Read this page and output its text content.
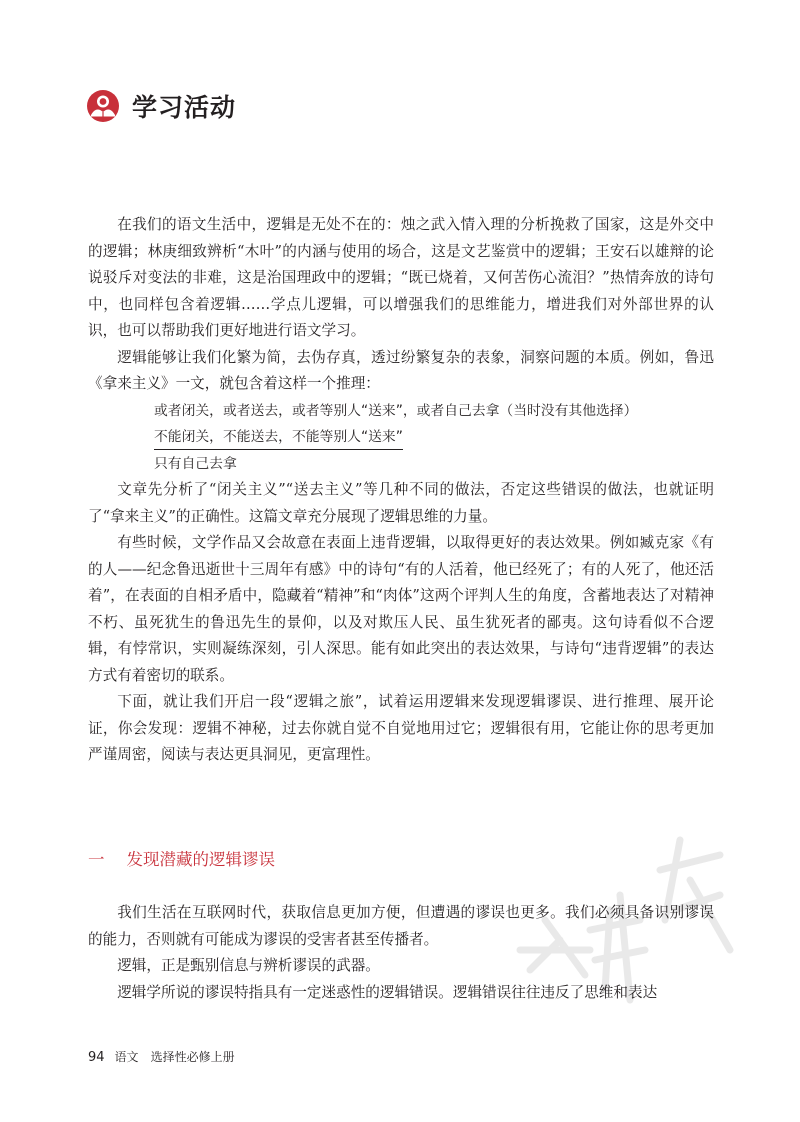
学习活动

在我们的语文生活中，逻辑是无处不在的：烛之武入情入理的分析挽救了国家，这是外交中的逻辑；林庚细致辨析“木叶”的内涵与使用的场合，这是文艺鉴赏中的逻辑；王安石以雄辩的论说驳斥对变法的非难，这是治国理政中的逻辑；“既已烧着，又何苦伤心流泪？”热情奔放的诗句中，也同样包含着逻辑……学点儿逻辑，可以增强我们的思维能力，增进我们对外部世界的认识，也可以帮助我们更好地进行语文学习。

逻辑能够让我们化繁为简，去伪存真，透过纷繁复杂的表象，洞察问题的本质。例如，鲁迅《拿来主义》一文，就包含着这样一个推理：

或者闭关，或者送去，或者等别人“送来”，或者自己去拿（当时没有其他选择）
不能闭关，不能送去，不能等别人“送来”
只有自己去拿

文章先分析了“闭关主义”“送去主义”等几种不同的做法，否定这些错误的做法，也就证明了“拿来主义”的正确性。这篇文章充分展现了逻辑思维的力量。

有些时候，文学作品又会故意在表面上违背逻辑，以取得更好的表达效果。例如臧克家《有的人——纪念鲁迅逝世十三周年有感》中的诗句“有的人活着，他已经死了；有的人死了，他还活着”，在表面的自相矛盾中，隐藏着“精神”和“肉体”这两个评判人生的角度，含蓄地表达了对精神不朽、虽死犹生的鲁迅先生的景仰，以及对欺压人民、虽生犹死者的鄙夷。这句诗看似不合逻辑，有悖常识，实则凝练深刻，引人深思。能有如此突出的表达效果，与诗句“违背逻辑”的表达方式有着密切的联系。

下面，就让我们开启一段“逻辑之旅”，试着运用逻辑来发现逻辑谬误、进行推理、展开论证，你会发现：逻辑不神秘，过去你就自觉不自觉地用过它；逻辑很有用，它能让你的思考更加严谨周密，阅读与表达更具洞见，更富理性。

一 发现潜藏的逻辑谬误

我们生活在互联网时代，获取信息更加方便，但遭遇的谬误也更多。我们必须具备识别谬误的能力，否则就有可能成为谬误的受害者甚至传播者。

逻辑，正是甄别信息与辨析谬误的武器。

逻辑学所说的谬误特指具有一定迷惑性的逻辑错误。逻辑错误往往违反了思维和表达

94 语文 选择性必修上册
